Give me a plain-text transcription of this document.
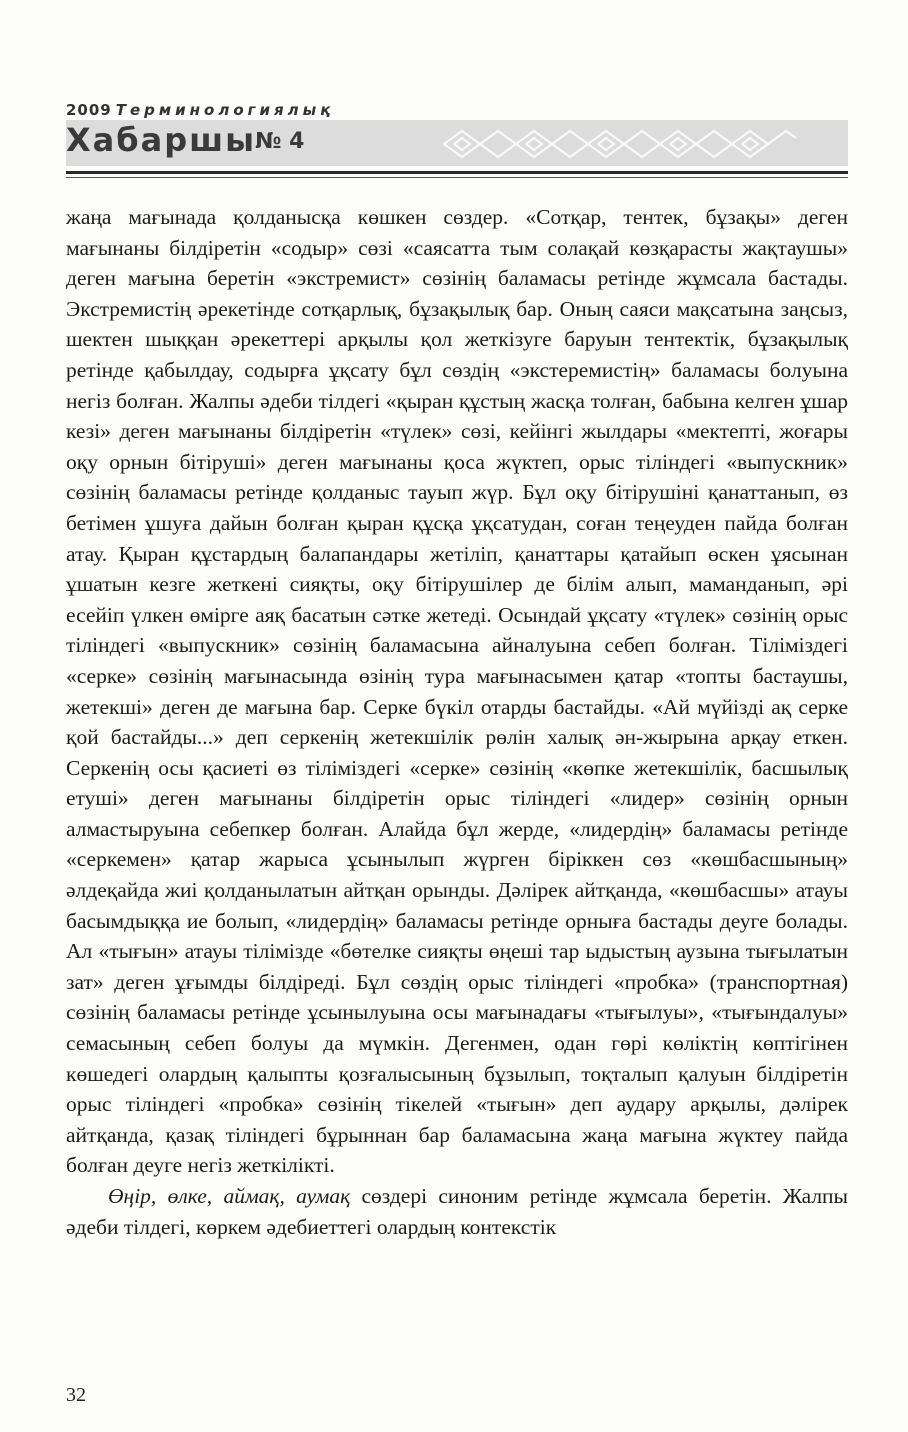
2009 Терминологиялық
Хабаршы
№ 4

жаңа мағынада қолданысқа көшкен сөздер. «Сотқар, тентек, бұзақы» деген мағынаны білдіретін «содыр» сөзі «саясатта тым солақай көзқарасты жақтаушы» деген мағына беретін «экстремист» сөзінің баламасы ретінде жұмсала бастады. Экстремистің әрекетінде сотқарлық, бұзақылық бар. Оның саяси мақсатына заңсыз, шектен шыққан әрекеттері арқылы қол жеткізуге баруын тентектік, бұзақылық ретінде қабылдау, содырға ұқсату бұл сөздің «экстеремистің» баламасы болуына негіз болған. Жалпы әдеби тілдегі «қыран құстың жасқа толған, бабына келген ұшар кезі» деген мағынаны білдіретін «түлек» сөзі, кейінгі жылдары «мектепті, жоғары оқу орнын бітіруші» деген мағынаны қоса жүктеп, орыс тіліндегі «выпускник» сөзінің баламасы ретінде қолданыс тауып жүр. Бұл оқу бітірушіні қанаттанып, өз бетімен ұшуға дайын болған қыран құсқа ұқсатудан, соған теңеуден пайда болған атау. Қыран құстардың балапандары жетіліп, қанаттары қатайып өскен ұясынан ұшатын кезге жеткені сияқты, оқу бітірушілер де білім алып, маманданып, әрі есейіп үлкен өмірге аяқ басатын сәтке жетеді. Осындай ұқсату «түлек» сөзінің орыс тіліндегі «выпускник» сөзінің баламасына айналуына себеп болған. Тіліміздегі «серке» сөзінің мағынасында өзінің тура мағынасымен қатар «топты бастаушы, жетекші» деген де мағына бар. Серке бүкіл отарды бастайды. «Ай мүйізді ақ серке қой бастайды...» деп серкенің жетекшілік рөлін халық ән-жырына арқау еткен. Серкенің осы қасиеті өз тіліміздегі «серке» сөзінің «көпке жетекшілік, басшылық етуші» деген мағынаны білдіретін орыс тіліндегі «лидер» сөзінің орнын алмастыруына себепкер болған. Алайда бұл жерде, «лидердің» баламасы ретінде «серкемен» қатар жарыса ұсынылып жүрген біріккен сөз «көшбасшының» әлдеқайда жиі қолданылатын айтқан орынды. Дәлірек айтқанда, «көшбасшы» атауы басымдыққа ие болып, «лидердің» баламасы ретінде орныға бастады деуге болады. Ал «тығын» атауы тілімізде «бөтелке сияқты өңеші тар ыдыстың аузына тығылатын зат» деген ұғымды білдіреді. Бұл сөздің орыс тіліндегі «пробка» (транспортная) сөзінің баламасы ретінде ұсынылуына осы мағынадағы «тығылуы», «тығындалуы» семасының себеп болуы да мүмкін. Дегенмен, одан гөрі көліктің көптігінен көшедегі олардың қалыпты қозғалысының бұзылып, тоқталып қалуын білдіретін орыс тіліндегі «пробка» сөзінің тікелей «тығын» деп аудару арқылы, дәлірек айтқанда, қазақ тіліндегі бұрыннан бар баламасына жаңа мағына жүктеу пайда болған деуге негіз жеткілікті.

Өңір, өлке, аймақ, аумақ сөздері синоним ретінде жұмсала беретін. Жалпы әдеби тілдегі, көркем әдебиеттегі олардың контекстік

32
